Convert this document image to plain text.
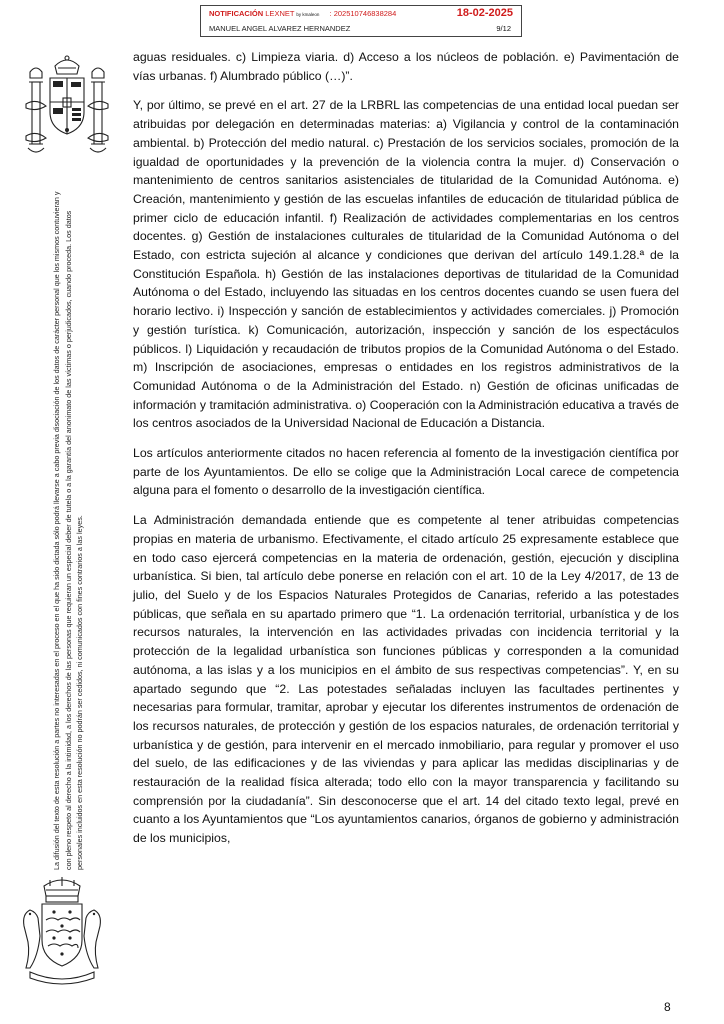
NOTIFICACIÓN LEXNET by kmaleon : 202510746838284	18-02-2025
MANUEL ANGEL ALVAREZ HERNANDEZ	9/12
La difusión del texto de esta resolución a partes no interesadas en el proceso en el que ha sido dictada sólo podrá llevarse a cabo previa disociación de los datos de carácter personal que los mismos contuvieran y con pleno respeto al derecho a la intimidad, a los derechos de las personas que requieran un especial deber de tutela o a la garantía del anonimato de las víctimas o perjudicados, cuando proceda. Los datos personales incluidos en esta resolución no podrán ser cedidos, ni comunicados con fines contrarios a las leyes.

aguas residuales. c) Limpieza viaria. d) Acceso a los núcleos de población. e) Pavimentación de vías urbanas. f) Alumbrado público (…)”.

Y, por último, se prevé en el art. 27 de la LRBRL las competencias de una entidad local puedan ser atribuidas por delegación en determinadas materias: a) Vigilancia y control de la contaminación ambiental. b) Protección del medio natural. c) Prestación de los servicios sociales, promoción de la igualdad de oportunidades y la prevención de la violencia contra la mujer. d) Conservación o mantenimiento de centros sanitarios asistenciales de titularidad de la Comunidad Autónoma. e) Creación, mantenimiento y gestión de las escuelas infantiles de educación de titularidad pública de primer ciclo de educación infantil. f) Realización de actividades complementarias en los centros docentes. g) Gestión de instalaciones culturales de titularidad de la Comunidad Autónoma o del Estado, con estricta sujeción al alcance y condiciones que derivan del artículo 149.1.28.ª de la Constitución Española. h) Gestión de las instalaciones deportivas de titularidad de la Comunidad Autónoma o del Estado, incluyendo las situadas en los centros docentes cuando se usen fuera del horario lectivo. i) Inspección y sanción de establecimientos y actividades comerciales. j) Promoción y gestión turística. k) Comunicación, autorización, inspección y sanción de los espectáculos públicos. l) Liquidación y recaudación de tributos propios de la Comunidad Autónoma o del Estado. m) Inscripción de asociaciones, empresas o entidades en los registros administrativos de la Comunidad Autónoma o de la Administración del Estado. n) Gestión de oficinas unificadas de información y tramitación administrativa. o) Cooperación con la Administración educativa a través de los centros asociados de la Universidad Nacional de Educación a Distancia.

Los artículos anteriormente citados no hacen referencia al fomento de la investigación científica por parte de los Ayuntamientos. De ello se colige que la Administración Local carece de competencia alguna para el fomento o desarrollo de la investigación científica.

La Administración demandada entiende que es competente al tener atribuidas competencias propias en materia de urbanismo. Efectivamente, el citado artículo 25 expresamente establece que en todo caso ejercerá competencias en la materia de ordenación, gestión, ejecución y disciplina urbanística. Si bien, tal artículo debe ponerse en relación con el art. 10 de la Ley 4/2017, de 13 de julio, del Suelo y de los Espacios Naturales Protegidos de Canarias, referido a las potestades públicas, que señala en su apartado primero que “1. La ordenación territorial, urbanística y de los recursos naturales, la intervención en las actividades privadas con incidencia territorial y la protección de la legalidad urbanística son funciones públicas y corresponden a la comunidad autónoma, a las islas y a los municipios en el ámbito de sus respectivas competencias”. Y, en su apartado segundo que “2. Las potestades señaladas incluyen las facultades pertinentes y necesarias para formular, tramitar, aprobar y ejecutar los diferentes instrumentos de ordenación de los recursos naturales, de protección y gestión de los espacios naturales, de ordenación territorial y urbanística y de gestión, para intervenir en el mercado inmobiliario, para regular y promover el uso del suelo, de las edificaciones y de las viviendas y para aplicar las medidas disciplinarias y de restauración de la realidad física alterada; todo ello con la mayor transparencia y facilitando su comprensión por la ciudadanía”. Sin desconocerse que el art. 14 del citado texto legal, prevé en cuanto a los Ayuntamientos que “Los ayuntamientos canarios, órganos de gobierno y administración de los municipios,

8
